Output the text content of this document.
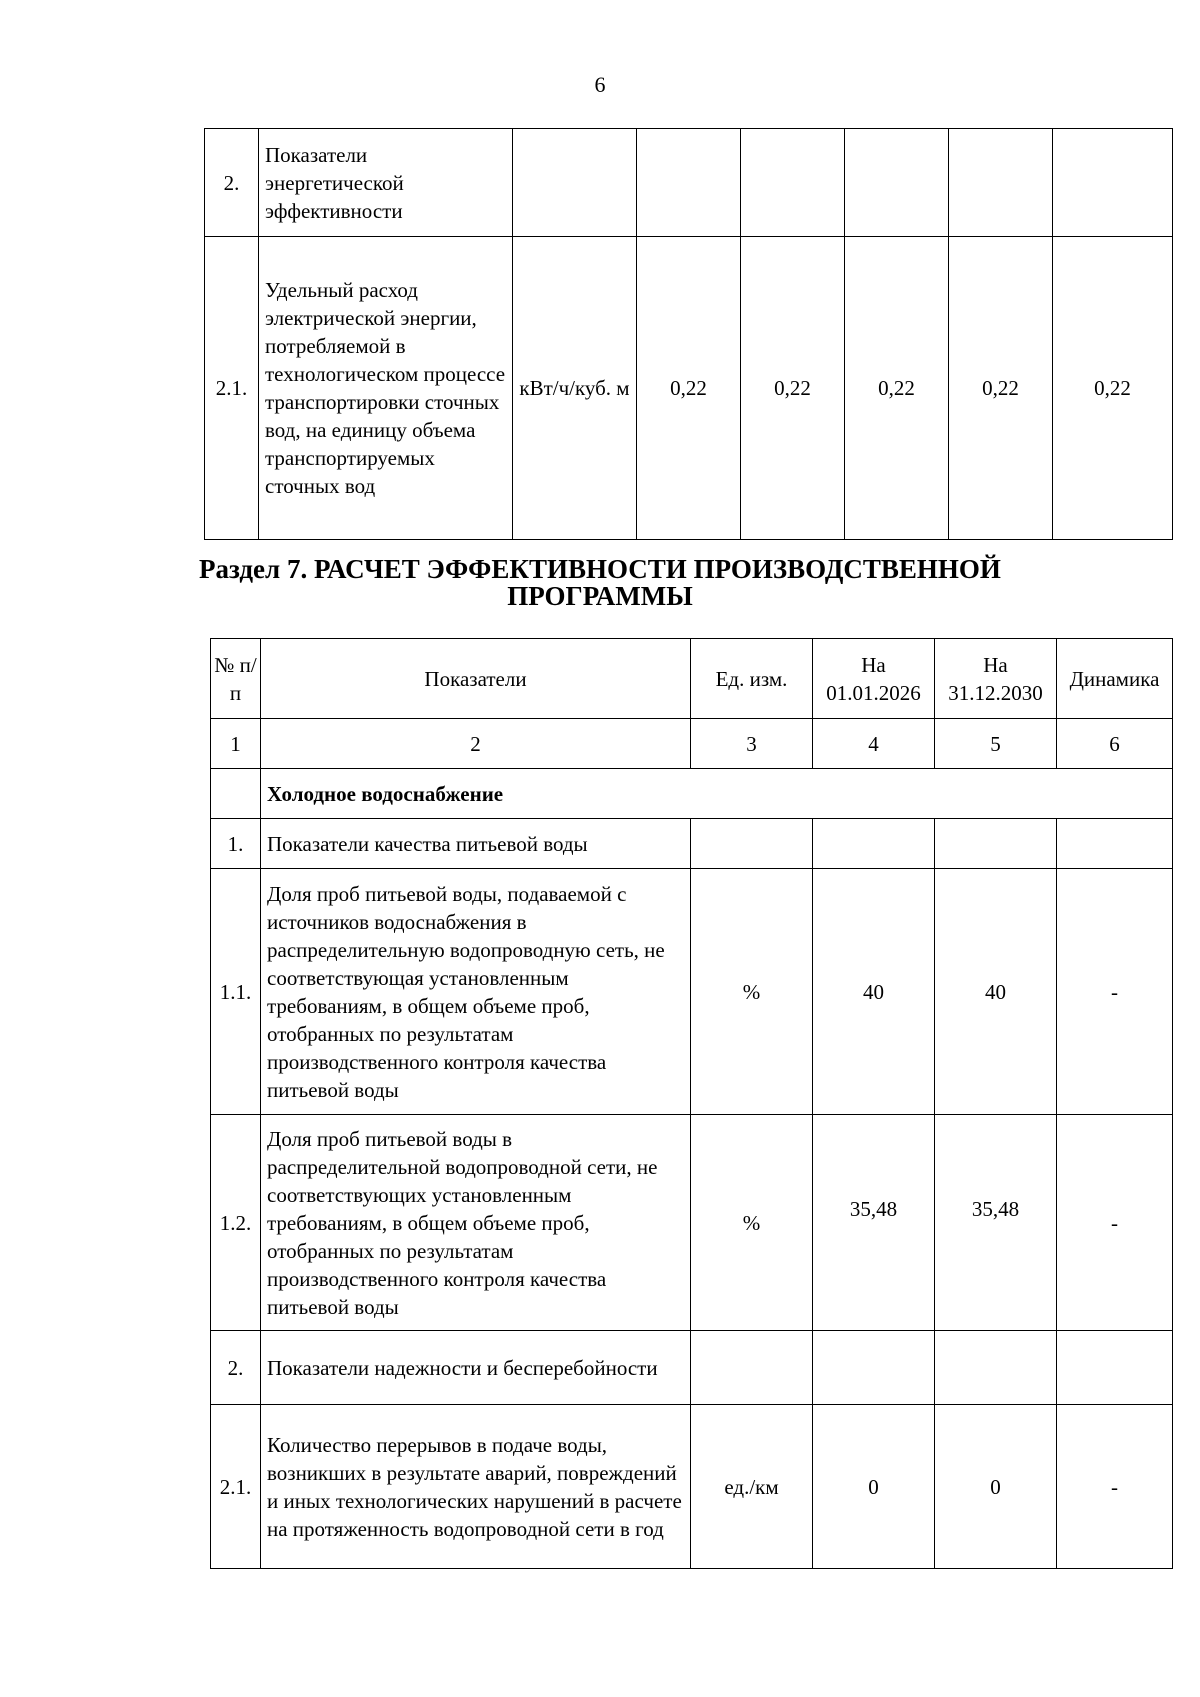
6
2.	Показатели энергетической эффективности						
2.1.	Удельный расход электрической энергии, потребляемой в технологическом процессе транспортировки сточных вод, на единицу объема транспортируемых сточных вод	кВт/ч/куб. м	0,22	0,22	0,22	0,22	0,22
Раздел 7. РАСЧЕТ ЭФФЕКТИВНОСТИ ПРОИЗВОДСТВЕННОЙ
ПРОГРАММЫ
№ п/п	Показатели	Ед. изм.	На 01.01.2026	На 31.12.2030	Динамика
1	2	3	4	5	6
	Холодное водоснабжение				
1.	Показатели качества питьевой воды				
1.1.	Доля проб питьевой воды, подаваемой с источников водоснабжения в распределительную водопроводную сеть, не соответствующая установленным требованиям, в общем объеме проб, отобранных по результатам производственного контроля качества питьевой воды	%	40	40	-
1.2.	Доля проб питьевой воды в распределительной водопроводной сети, не соответствующих установленным требованиям, в общем объеме проб, отобранных по результатам производственного контроля качества питьевой воды	%	35,48	35,48	-
2.	Показатели надежности и бесперебойности				
2.1.	Количество перерывов в подаче воды, возникших в результате аварий, повреждений и иных технологических нарушений в расчете на протяженность водопроводной сети в год	ед./км	0	0	-
